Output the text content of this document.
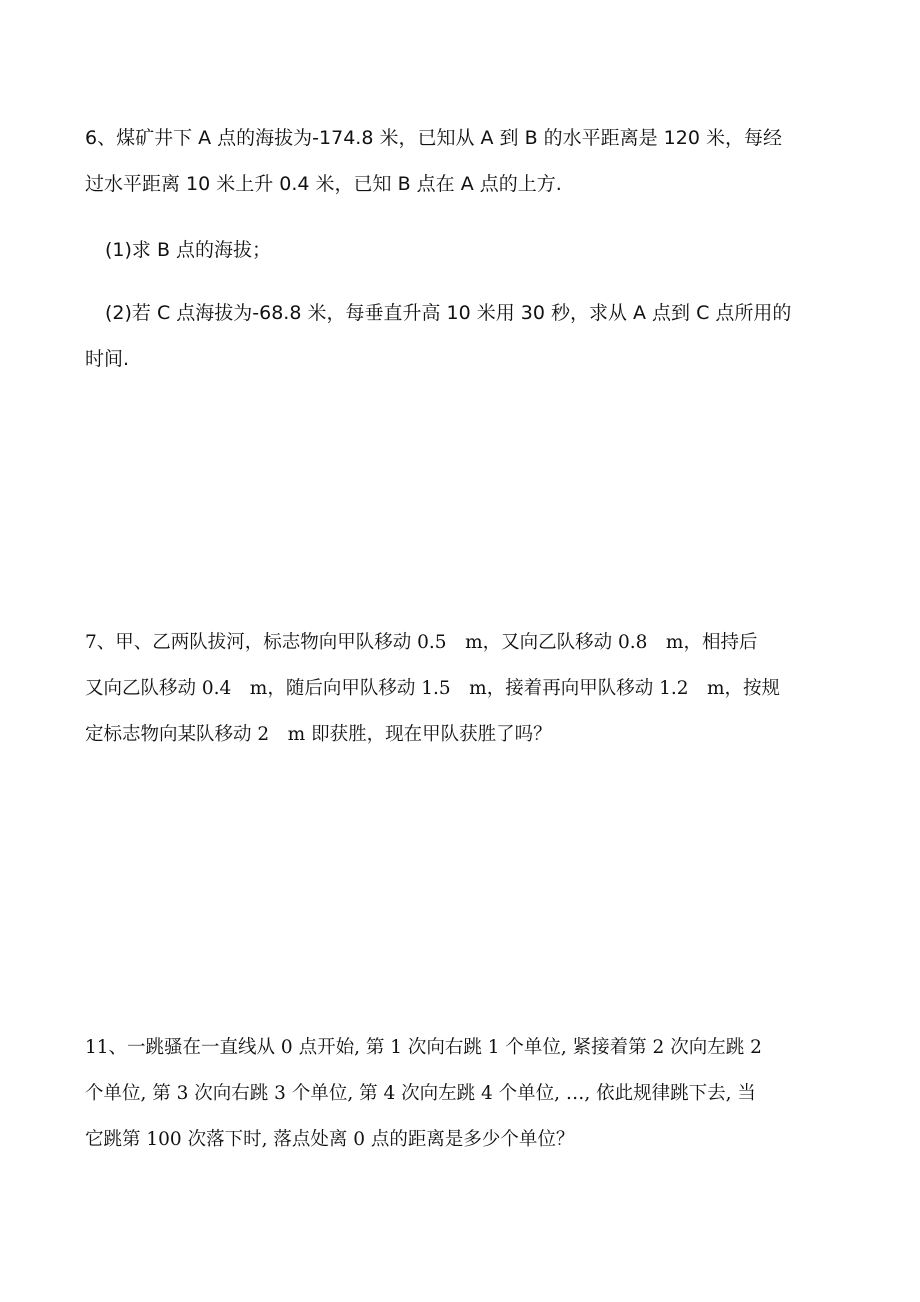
6、煤矿井下 A 点的海拔为-174.8 米，已知从 A 到 B 的水平距离是 120 米，每经
过水平距离 10 米上升 0.4 米，已知 B 点在 A 点的上方.
(1)求 B 点的海拔；
(2)若 C 点海拔为-68.8 米，每垂直升高 10 米用 30 秒，求从 A 点到 C 点所用的
时间.
7、甲、乙两队拔河，标志物向甲队移动 0.5　m，又向乙队移动 0.8　m，相持后
又向乙队移动 0.4　m，随后向甲队移动 1.5　m，接着再向甲队移动 1.2　m，按规
定标志物向某队移动 2　m 即获胜，现在甲队获胜了吗？
11、一跳骚在一直线从 0 点开始, 第 1 次向右跳 1 个单位, 紧接着第 2 次向左跳 2
个单位, 第 3 次向右跳 3 个单位, 第 4 次向左跳 4 个单位, …, 依此规律跳下去, 当
它跳第 100 次落下时, 落点处离 0 点的距离是多少个单位？
